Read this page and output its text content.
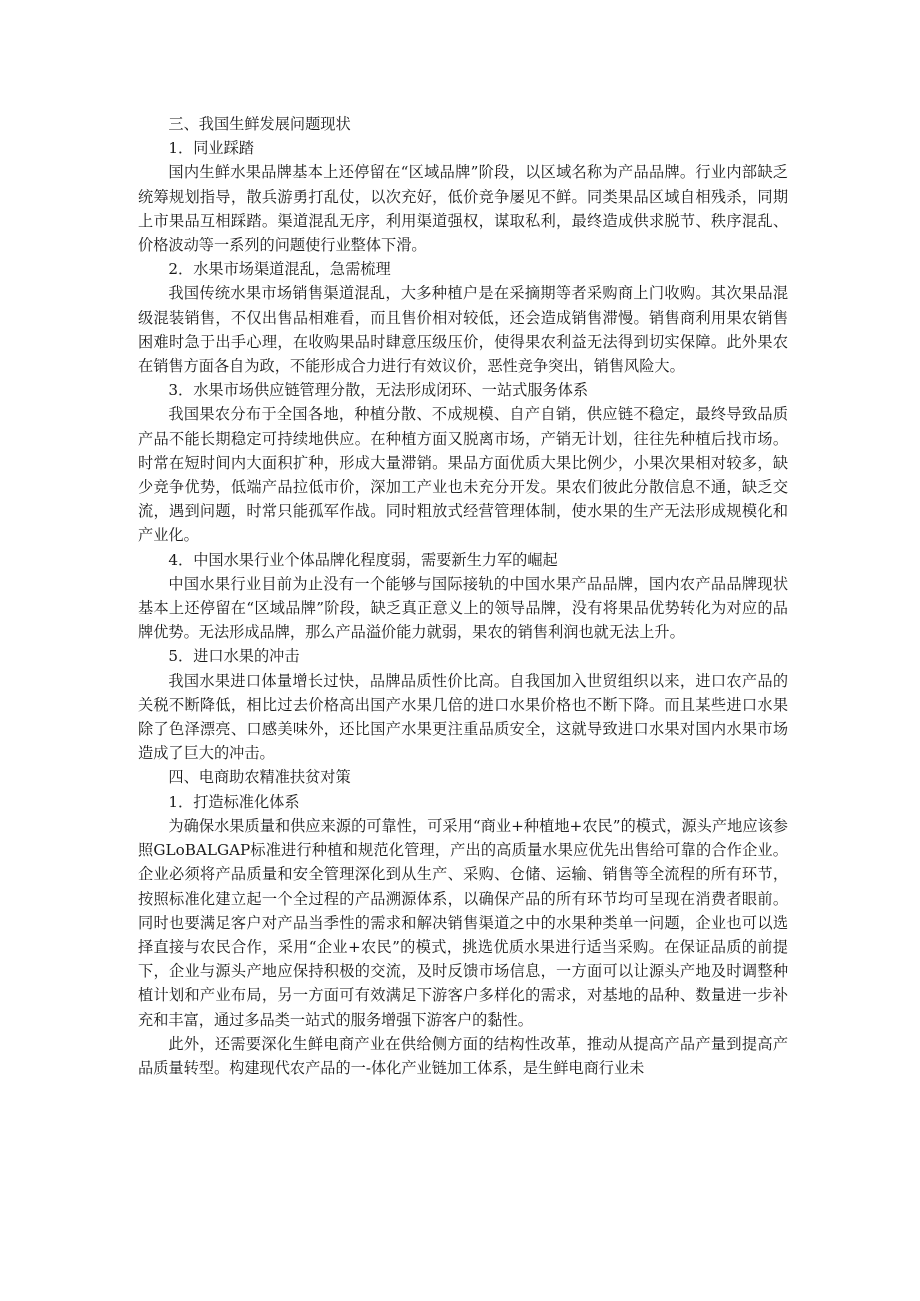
三、我国生鲜发展问题现状
1．同业踩踏
国内生鲜水果品牌基本上还停留在“区域品牌”阶段，以区域名称为产品品牌。行业内部缺乏统筹规划指导，散兵游勇打乱仗，以次充好，低价竞争屡见不鲜。同类果品区域自相残杀，同期上市果品互相踩踏。渠道混乱无序，利用渠道强权，谋取私利，最终造成供求脱节、秩序混乱、价格波动等一系列的问题使行业整体下滑。
2．水果市场渠道混乱，急需梳理
我国传统水果市场销售渠道混乱，大多种植户是在采摘期等者采购商上门收购。其次果品混级混装销售，不仅出售品相难看，而且售价相对较低，还会造成销售滞慢。销售商利用果农销售困难时急于出手心理，在收购果品时肆意压级压价，使得果农利益无法得到切实保障。此外果农在销售方面各自为政，不能形成合力进行有效议价，恶性竞争突出，销售风险大。
3．水果市场供应链管理分散，无法形成闭环、一站式服务体系
我国果农分布于全国各地，种植分散、不成规模、自产自销，供应链不稳定，最终导致品质产品不能长期稳定可持续地供应。在种植方面又脱离市场，产销无计划，往往先种植后找市场。时常在短时间内大面积扩种，形成大量滞销。果品方面优质大果比例少，小果次果相对较多，缺少竞争优势，低端产品拉低市价，深加工产业也未充分开发。果农们彼此分散信息不通，缺乏交流，遇到问题，时常只能孤军作战。同时粗放式经营管理体制，使水果的生产无法形成规模化和产业化。
4．中国水果行业个体品牌化程度弱，需要新生力军的崛起
中国水果行业目前为止没有一个能够与国际接轨的中国水果产品品牌，国内农产品品牌现状基本上还停留在“区域品牌”阶段，缺乏真正意义上的领导品牌，没有将果品优势转化为对应的品牌优势。无法形成品牌，那么产品溢价能力就弱，果农的销售利润也就无法上升。
5．进口水果的冲击
我国水果进口体量增长过快，品牌品质性价比高。自我国加入世贸组织以来，进口农产品的关税不断降低，相比过去价格高出国产水果几倍的进口水果价格也不断下降。而且某些进口水果除了色泽漂亮、口感美味外，还比国产水果更注重品质安全，这就导致进口水果对国内水果市场造成了巨大的冲击。
四、电商助农精准扶贫对策
1．打造标准化体系
为确保水果质量和供应来源的可靠性，可采用“商业+种植地+农民”的模式，源头产地应该参照GLoBALGAP标准进行种植和规范化管理，产出的高质量水果应优先出售给可靠的合作企业。企业必须将产品质量和安全管理深化到从生产、采购、仓储、运输、销售等全流程的所有环节，按照标准化建立起一个全过程的产品溯源体系，以确保产品的所有环节均可呈现在消费者眼前。同时也要满足客户对产品当季性的需求和解决销售渠道之中的水果种类单一问题，企业也可以选择直接与农民合作，采用“企业+农民”的模式，挑选优质水果进行适当采购。在保证品质的前提下，企业与源头产地应保持积极的交流，及时反馈市场信息，一方面可以让源头产地及时调整种植计划和产业布局，另一方面可有效满足下游客户多样化的需求，对基地的品种、数量进一步补充和丰富，通过多品类一站式的服务增强下游客户的黏性。
此外，还需要深化生鲜电商产业在供给侧方面的结构性改革，推动从提高产品产量到提高产品质量转型。构建现代农产品的一-体化产业链加工体系，是生鲜电商行业未
